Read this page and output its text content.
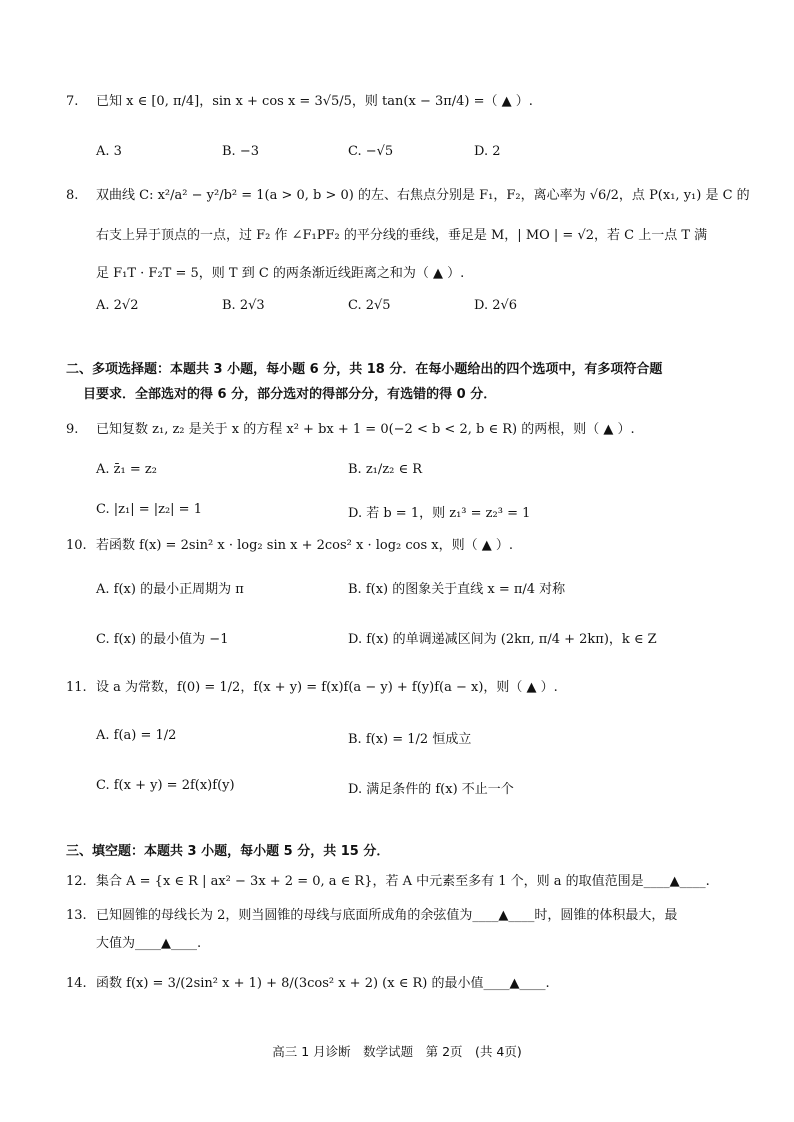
7.	已知 x ∈ [0, π/4]，sin x + cos x = 3√5/5，则 tan(x − 3π/4) =（ ▲ ）.
A. 3	B. −3	C. −√5	D. 2
8.	双曲线 C: x²/a² − y²/b² = 1(a > 0, b > 0) 的左、右焦点分别是 F₁，F₂，离心率为 √6/2，点 P(x₁, y₁) 是 C 的
右支上异于顶点的一点，过 F₂ 作 ∠F₁PF₂ 的平分线的垂线，垂足是 M，| MO | = √2，若 C 上一点 T 满
足 F₁T · F₂T = 5，则 T 到 C 的两条渐近线距离之和为（ ▲ ）.
A. 2√2	B. 2√3	C. 2√5	D. 2√6
二、多项选择题：本题共 3 小题，每小题 6 分，共 18 分．在每小题给出的四个选项中，有多项符合题
目要求．全部选对的得 6 分，部分选对的得部分分，有选错的得 0 分．
9.	已知复数 z₁, z₂ 是关于 x 的方程 x² + bx + 1 = 0(−2 < b < 2, b ∈ R) 的两根，则（ ▲ ）.
A. z̄₁ = z₂	B. z₁/z₂ ∈ R
C. |z₁| = |z₂| = 1	D. 若 b = 1，则 z₁³ = z₂³ = 1
10. 若函数 f(x) = 2sin² x · log₂ sin x + 2cos² x · log₂ cos x，则（ ▲ ）.
A. f(x) 的最小正周期为 π	B. f(x) 的图象关于直线 x = π/4 对称
C. f(x) 的最小值为 −1	D. f(x) 的单调递减区间为 (2kπ, π/4 + 2kπ)，k ∈ Z
11. 设 a 为常数，f(0) = 1/2，f(x + y) = f(x)f(a − y) + f(y)f(a − x)，则（ ▲ ）.
A. f(a) = 1/2	B. f(x) = 1/2 恒成立
C. f(x + y) = 2f(x)f(y)	D. 满足条件的 f(x) 不止一个
三、填空题：本题共 3 小题，每小题 5 分，共 15 分．
12. 集合 A = {x ∈ R | ax² − 3x + 2 = 0, a ∈ R}，若 A 中元素至多有 1 个，则 a 的取值范围是____▲____.
13. 已知圆锥的母线长为 2，则当圆锥的母线与底面所成角的余弦值为____▲____时，圆锥的体积最大，最
大值为____▲____.
14. 函数 f(x) = 3/(2sin² x + 1) + 8/(3cos² x + 2) (x ∈ R) 的最小值____▲____.
高三 1 月诊断　数学试题　第 2页　(共 4页)
